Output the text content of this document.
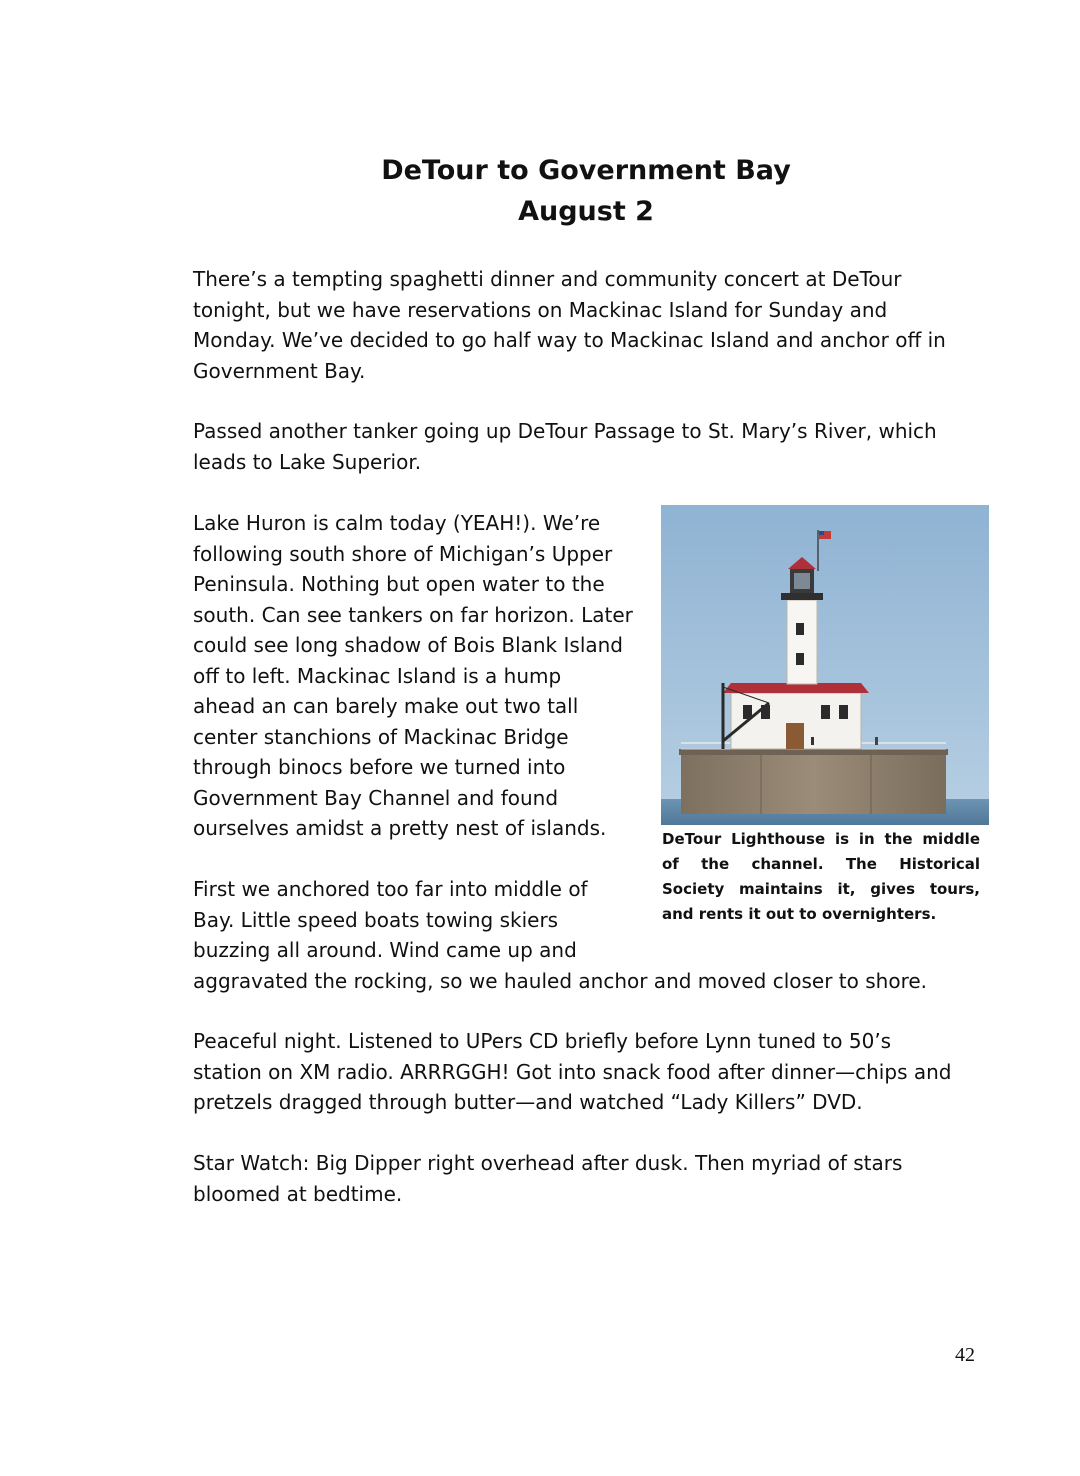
DeTour to Government Bay
August 2

There’s a tempting spaghetti dinner and community concert at DeTour
tonight, but we have reservations on Mackinac Island for Sunday and
Monday. We’ve decided to go half way to Mackinac Island and anchor off in
Government Bay.

Passed another tanker going up DeTour Passage to St. Mary’s River, which
leads to Lake Superior.

Lake Huron is calm today (YEAH!). We’re
following south shore of Michigan’s Upper
Peninsula. Nothing but open water to the
south. Can see tankers on far horizon. Later
could see long shadow of Bois Blank Island
off to left. Mackinac Island is a hump
ahead an can barely make out two tall
center stanchions of Mackinac Bridge
through binocs before we turned into
Government Bay Channel and found
ourselves amidst a pretty nest of islands.

First we anchored too far into middle of
Bay. Little speed boats towing skiers
buzzing all around. Wind came up and
aggravated the rocking, so we hauled anchor and moved closer to shore.

Peaceful night. Listened to UPers CD briefly before Lynn tuned to 50’s
station on XM radio. ARRRGGH! Got into snack food after dinner—chips and
pretzels dragged through butter—and watched “Lady Killers” DVD.

Star Watch: Big Dipper right overhead after dusk. Then myriad of stars
bloomed at bedtime.

DeTour Lighthouse is in the middle
of the channel. The Historical
Society maintains it, gives tours,
and rents it out to overnighters.

42
